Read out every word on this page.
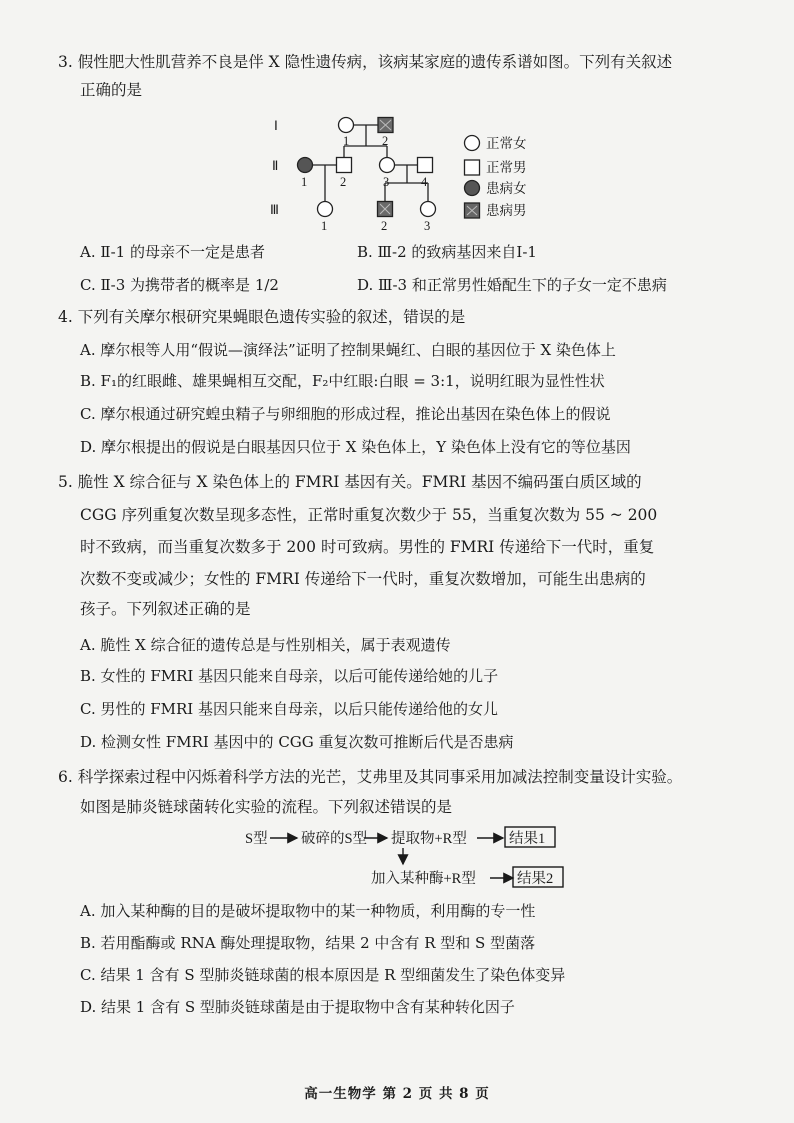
3. 假性肥大性肌营养不良是伴 X 隐性遗传病，该病某家庭的遗传系谱如图。下列有关叙述
正确的是
Ⅰ
Ⅱ
Ⅲ
1	2
1	2	3	4
1	2	3
正常女
正常男
患病女
患病男
A. Ⅱ-1 的母亲不一定是患者	B. Ⅲ-2 的致病基因来自Ⅰ-1
C. Ⅱ-3 为携带者的概率是 1/2	D. Ⅲ-3 和正常男性婚配生下的子女一定不患病
4. 下列有关摩尔根研究果蝇眼色遗传实验的叙述，错误的是
A. 摩尔根等人用“假说—演绎法”证明了控制果蝇红、白眼的基因位于 X 染色体上
B. F₁的红眼雌、雄果蝇相互交配，F₂中红眼:白眼 = 3:1，说明红眼为显性性状
C. 摩尔根通过研究蝗虫精子与卵细胞的形成过程，推论出基因在染色体上的假说
D. 摩尔根提出的假说是白眼基因只位于 X 染色体上，Y 染色体上没有它的等位基因
5. 脆性 X 综合征与 X 染色体上的 FMRI 基因有关。FMRI 基因不编码蛋白质区域的
CGG 序列重复次数呈现多态性，正常时重复次数少于 55，当重复次数为 55 ~ 200
时不致病，而当重复次数多于 200 时可致病。男性的 FMRI 传递给下一代时，重复
次数不变或减少；女性的 FMRI 传递给下一代时，重复次数增加，可能生出患病的
孩子。下列叙述正确的是
A. 脆性 X 综合征的遗传总是与性别相关，属于表观遗传
B. 女性的 FMRI 基因只能来自母亲，以后可能传递给她的儿子
C. 男性的 FMRI 基因只能来自母亲，以后只能传递给他的女儿
D. 检测女性 FMRI 基因中的 CGG 重复次数可推断后代是否患病
6. 科学探索过程中闪烁着科学方法的光芒，艾弗里及其同事采用加减法控制变量设计实验。
如图是肺炎链球菌转化实验的流程。下列叙述错误的是
S型 破碎的S型 提取物+R型	结果1
加入某种酶+R型	结果2
A. 加入某种酶的目的是破坏提取物中的某一种物质，利用酶的专一性
B. 若用酯酶或 RNA 酶处理提取物，结果 2 中含有 R 型和 S 型菌落
C. 结果 1 含有 S 型肺炎链球菌的根本原因是 R 型细菌发生了染色体变异
D. 结果 1 含有 S 型肺炎链球菌是由于提取物中含有某种转化因子
高一生物学 第 2 页 共 8 页
